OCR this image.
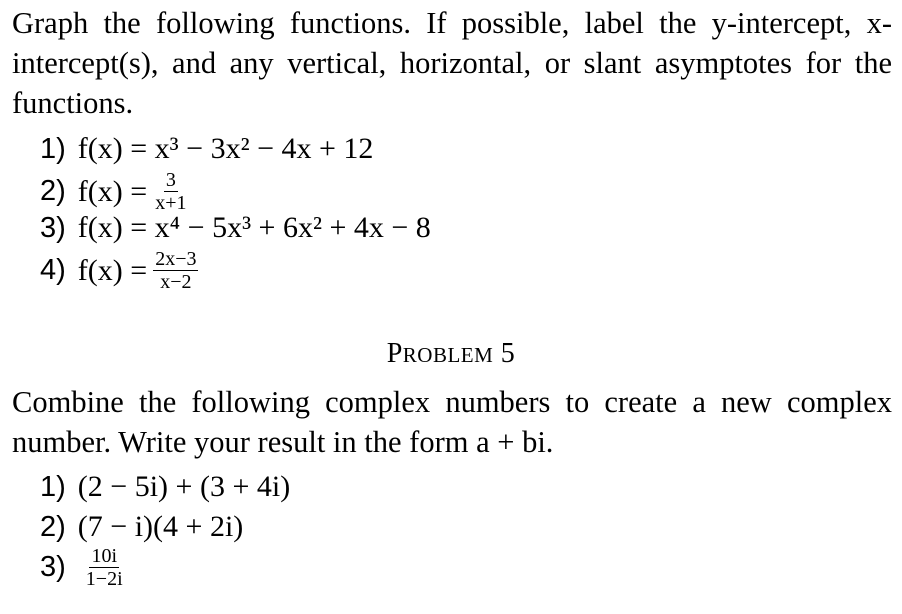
Graph the following functions. If possible, label the y-intercept, x-intercept(s), and any vertical, horizontal, or slant asymptotes for the functions.
1) f(x) = x³ − 3x² − 4x + 12
2) $f(x) = \frac{3}{x+1}$
3) f(x) = x⁴ − 5x³ + 6x² + 4x − 8
4) $f(x) = \frac{2x-3}{x-2}$
PROBLEM 5
Combine the following complex numbers to create a new complex number. Write your result in the form a + bi.
1) (2 − 5i) + (3 + 4i)
2) (7 − i)(4 + 2i)
$3) \frac{10i}{1-2i}$
